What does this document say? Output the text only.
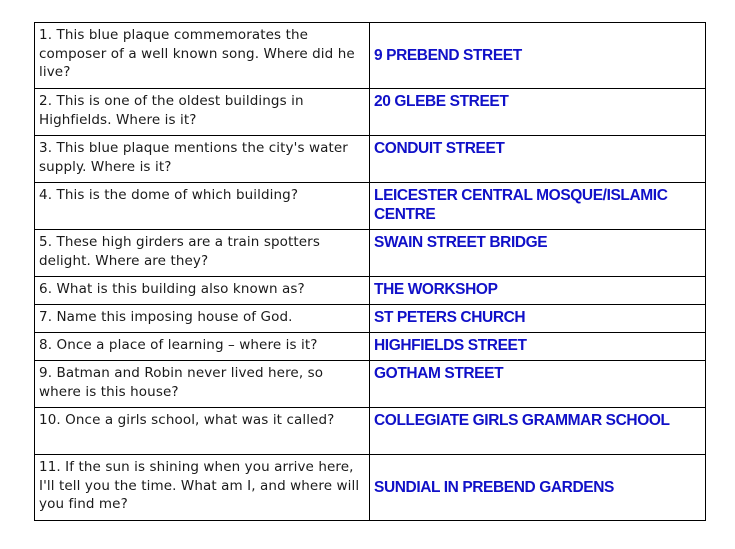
1. This blue plaque commemorates the composer of a well known song. Where did he live?	9 PREBEND STREET
2. This is one of the oldest buildings in Highfields. Where is it?	20 GLEBE STREET
3. This blue plaque mentions the city's water supply. Where is it?	CONDUIT STREET
4. This is the dome of which building?	LEICESTER CENTRAL MOSQUE/ISLAMIC CENTRE
5. These high girders are a train spotters delight. Where are they?	SWAIN STREET BRIDGE
6. What is this building also known as?	THE WORKSHOP
7. Name this imposing house of God.	ST PETERS CHURCH
8. Once a place of learning – where is it?	HIGHFIELDS STREET
9. Batman and Robin never lived here, so where is this house?	GOTHAM STREET
10. Once a girls school, what was it called?	COLLEGIATE GIRLS GRAMMAR SCHOOL
11. If the sun is shining when you arrive here, I'll tell you the time. What am I, and where will you find me?	SUNDIAL IN PREBEND GARDENS
